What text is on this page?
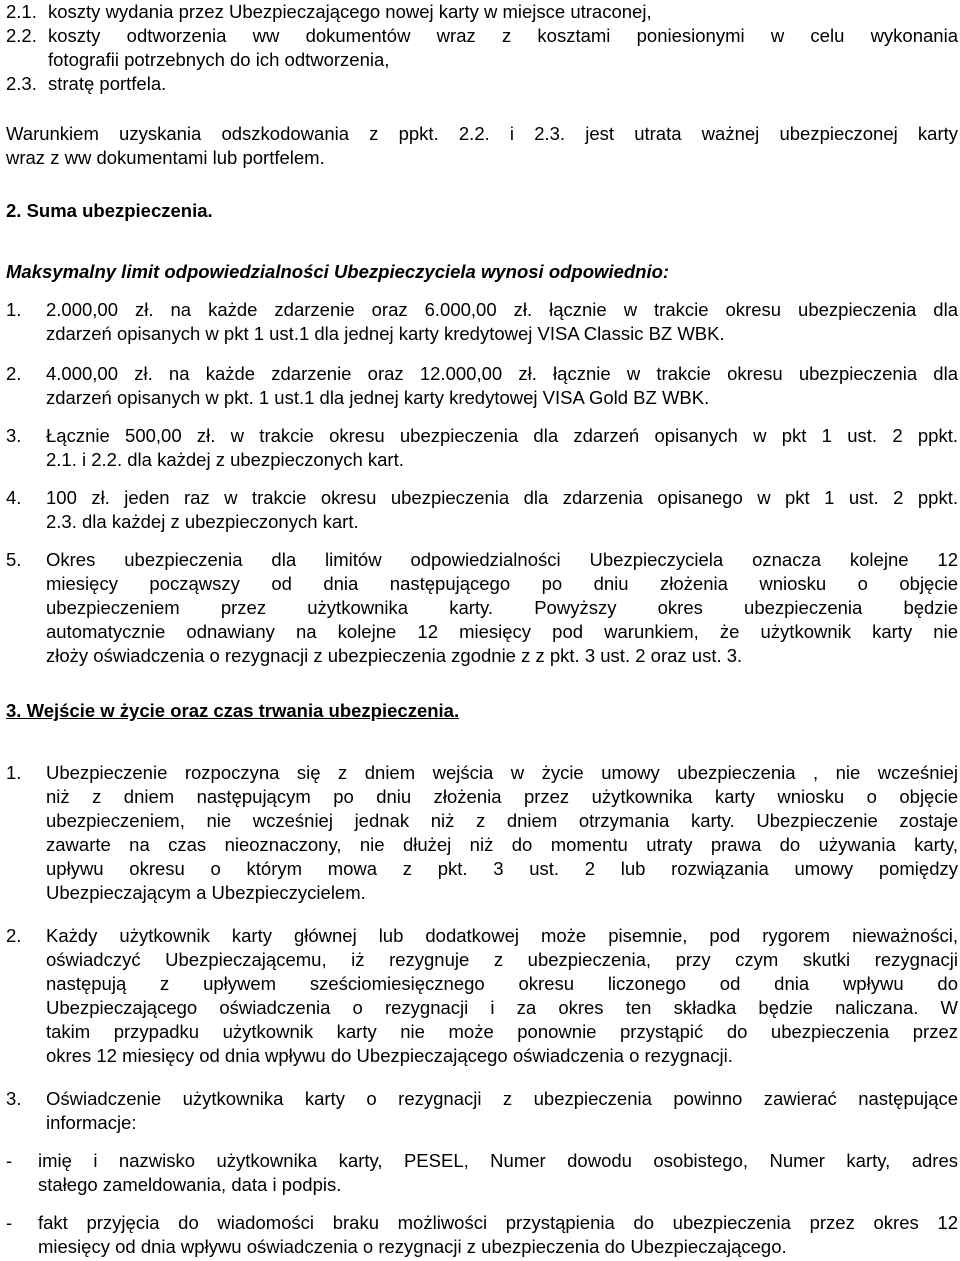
2.1. koszty wydania przez Ubezpieczającego nowej karty w miejsce utraconej,
2.2. koszty odtworzenia ww dokumentów wraz z kosztami poniesionymi w celu wykonania
fotografii potrzebnych do ich odtworzenia,
2.3. stratę portfela.
Warunkiem uzyskania odszkodowania z ppkt. 2.2. i 2.3. jest utrata ważnej ubezpieczonej karty
wraz z ww dokumentami lub portfelem.
2. Suma ubezpieczenia.
Maksymalny limit odpowiedzialności Ubezpieczyciela wynosi odpowiednio:
1. 2.000,00 zł. na każde zdarzenie oraz 6.000,00 zł. łącznie w trakcie okresu ubezpieczenia dla
zdarzeń opisanych w pkt 1 ust.1 dla jednej karty kredytowej VISA Classic BZ WBK.
2. 4.000,00 zł. na każde zdarzenie oraz 12.000,00 zł. łącznie w trakcie okresu ubezpieczenia dla
zdarzeń opisanych w pkt. 1 ust.1 dla jednej karty kredytowej VISA Gold BZ WBK.
3. Łącznie 500,00 zł. w trakcie okresu ubezpieczenia dla zdarzeń opisanych w pkt 1 ust. 2 ppkt.
2.1. i 2.2. dla każdej z ubezpieczonych kart.
4. 100 zł. jeden raz w trakcie okresu ubezpieczenia dla zdarzenia opisanego w pkt 1 ust. 2 ppkt.
2.3. dla każdej z ubezpieczonych kart.
5. Okres ubezpieczenia dla limitów odpowiedzialności Ubezpieczyciela oznacza kolejne 12
miesięcy począwszy od dnia następującego po dniu złożenia wniosku o objęcie
ubezpieczeniem przez użytkownika karty. Powyższy okres ubezpieczenia będzie
automatycznie odnawiany na kolejne 12 miesięcy pod warunkiem, że użytkownik karty nie
złoży oświadczenia o rezygnacji z ubezpieczenia zgodnie z z pkt. 3 ust. 2 oraz ust. 3.
3. Wejście w życie oraz czas trwania ubezpieczenia.
1. Ubezpieczenie rozpoczyna się z dniem wejścia w życie umowy ubezpieczenia , nie wcześniej
niż z dniem następującym po dniu złożenia przez użytkownika karty wniosku o objęcie
ubezpieczeniem, nie wcześniej jednak niż z dniem otrzymania karty. Ubezpieczenie zostaje
zawarte na czas nieoznaczony, nie dłużej niż do momentu utraty prawa do używania karty,
upływu okresu o którym mowa z pkt. 3 ust. 2 lub rozwiązania umowy pomiędzy
Ubezpieczającym a Ubezpieczycielem.
2. Każdy użytkownik karty głównej lub dodatkowej może pisemnie, pod rygorem nieważności,
oświadczyć Ubezpieczającemu, iż rezygnuje z ubezpieczenia, przy czym skutki rezygnacji
następują z upływem sześciomiesięcznego okresu liczonego od dnia wpływu do
Ubezpieczającego oświadczenia o rezygnacji i za okres ten składka będzie naliczana. W
takim przypadku użytkownik karty nie może ponownie przystąpić do ubezpieczenia przez
okres 12 miesięcy od dnia wpływu do Ubezpieczającego oświadczenia o rezygnacji.
3. Oświadczenie użytkownika karty o rezygnacji z ubezpieczenia powinno zawierać następujące
informacje:
- imię i nazwisko użytkownika karty, PESEL, Numer dowodu osobistego, Numer karty, adres
stałego zameldowania, data i podpis.
- fakt przyjęcia do wiadomości braku możliwości przystąpienia do ubezpieczenia przez okres 12
miesięcy od dnia wpływu oświadczenia o rezygnacji z ubezpieczenia do Ubezpieczającego.
